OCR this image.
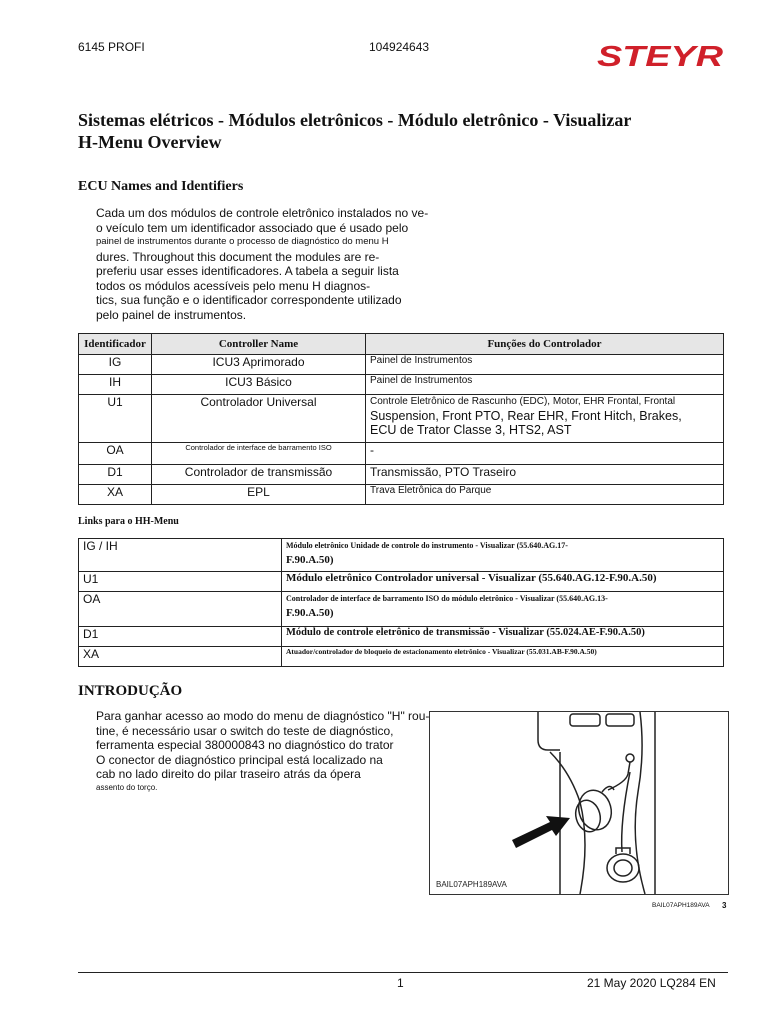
6145 PROFI	104924643	STEYR
Sistemas elétricos - Módulos eletrônicos - Módulo eletrônico - Visualizar
H-Menu Overview
ECU Names and Identifiers
Cada um dos módulos de controle eletrônico instalados no ve-
o veículo tem um identificador associado que é usado pelo
painel de instrumentos durante o processo de diagnóstico do menu H
dures. Throughout this document the modules are re-
preferiu usar esses identificadores. A tabela a seguir lista
todos os módulos acessíveis pelo menu H diagnos-
tics, sua função e o identificador correspondente utilizado
pelo painel de instrumentos.
Identificador	Controller Name	Funções do Controlador
IG	ICU3 Aprimorado	Painel de Instrumentos
IH	ICU3 Básico	Painel de Instrumentos
U1	Controlador Universal	Controle Eletrônico de Rascunho (EDC), Motor, EHR Frontal, Frontal
Suspension, Front PTO, Rear EHR, Front Hitch, Brakes,
ECU de Trator Classe 3, HTS2, AST

OA	Controlador de interface de barramento ISO	-
D1	Controlador de transmissão	Transmissão, PTO Traseiro
XA	EPL	Trava Eletrônica do Parque
Links para o HH-Menu
IG / IH	Módulo eletrônico Unidade de controle do instrumento - Visualizar (55.640.AG.17-
F.90.A.50)

U1	Módulo eletrônico Controlador universal - Visualizar (55.640.AG.12-F.90.A.50)
OA	Controlador de interface de barramento ISO do módulo eletrônico - Visualizar (55.640.AG.13-
F.90.A.50)

D1	Módulo de controle eletrônico de transmissão - Visualizar (55.024.AE-F.90.A.50)
XA	Atuador/controlador de bloqueio de estacionamento eletrônico - Visualizar (55.031.AB-F.90.A.50)
INTRODUÇÃO
Para ganhar acesso ao modo do menu de diagnóstico "H" rou-
tine, é necessário usar o switch do teste de diagnóstico,
ferramenta especial 380000843 no diagnóstico do trator
O conector de diagnóstico principal está localizado na
cab no lado direito do pilar traseiro atrás da ópera
assento do torço.
BAIL07APH189AVA
BAIL07APH189AVA 3
1	21 May 2020 LQ284 EN
